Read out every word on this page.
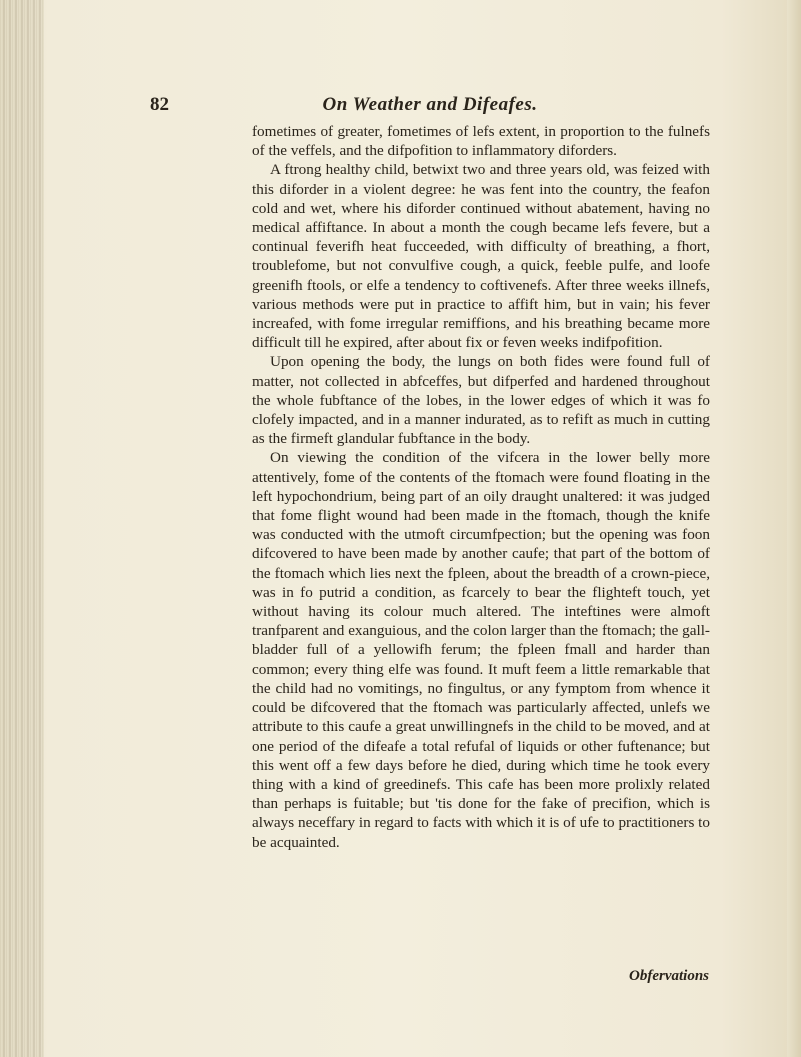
82	On Weather and Difeafes.

fometimes of greater, fometimes of lefs extent, in proportion to the fulnefs of the veffels, and the difpofition to inflammatory diforders.

A ftrong healthy child, betwixt two and three years old, was feized with this diforder in a violent degree: he was fent into the country, the feafon cold and wet, where his diforder continued without abatement, having no medical affiftance. In about a month the cough became lefs fevere, but a continual feverifh heat fucceeded, with difficulty of breathing, a fhort, troublefome, but not convulfive cough, a quick, feeble pulfe, and loofe greenifh ftools, or elfe a tendency to coftivenefs. After three weeks illnefs, various methods were put in practice to affift him, but in vain; his fever increafed, with fome irregular remiffions, and his breathing became more difficult till he expired, after about fix or feven weeks indifpofition.

Upon opening the body, the lungs on both fides were found full of matter, not collected in abfceffes, but difperfed and hardened throughout the whole fubftance of the lobes, in the lower edges of which it was fo clofely impacted, and in a manner indurated, as to refift as much in cutting as the firmeft glandular fubftance in the body.

On viewing the condition of the vifcera in the lower belly more attentively, fome of the contents of the ftomach were found floating in the left hypochondrium, being part of an oily draught unaltered: it was judged that fome flight wound had been made in the ftomach, though the knife was conducted with the utmoft circumfpection; but the opening was foon difcovered to have been made by another caufe; that part of the bottom of the ftomach which lies next the fpleen, about the breadth of a crown-piece, was in fo putrid a condition, as fcarcely to bear the flighteft touch, yet without having its colour much altered. The inteftines were almoft tranfparent and exanguious, and the colon larger than the ftomach; the gall-bladder full of a yellowifh ferum; the fpleen fmall and harder than common; every thing elfe was found. It muft feem a little remarkable that the child had no vomitings, no fingultus, or any fymptom from whence it could be difcovered that the ftomach was particularly affected, unlefs we attribute to this caufe a great unwillingnefs in the child to be moved, and at one period of the difeafe a total refufal of liquids or other fuftenance; but this went off a few days before he died, during which time he took every thing with a kind of greedinefs. This cafe has been more prolixly related than perhaps is fuitable; but 'tis done for the fake of precifion, which is always neceffary in regard to facts with which it is of ufe to practitioners to be acquainted.

Obfervations
